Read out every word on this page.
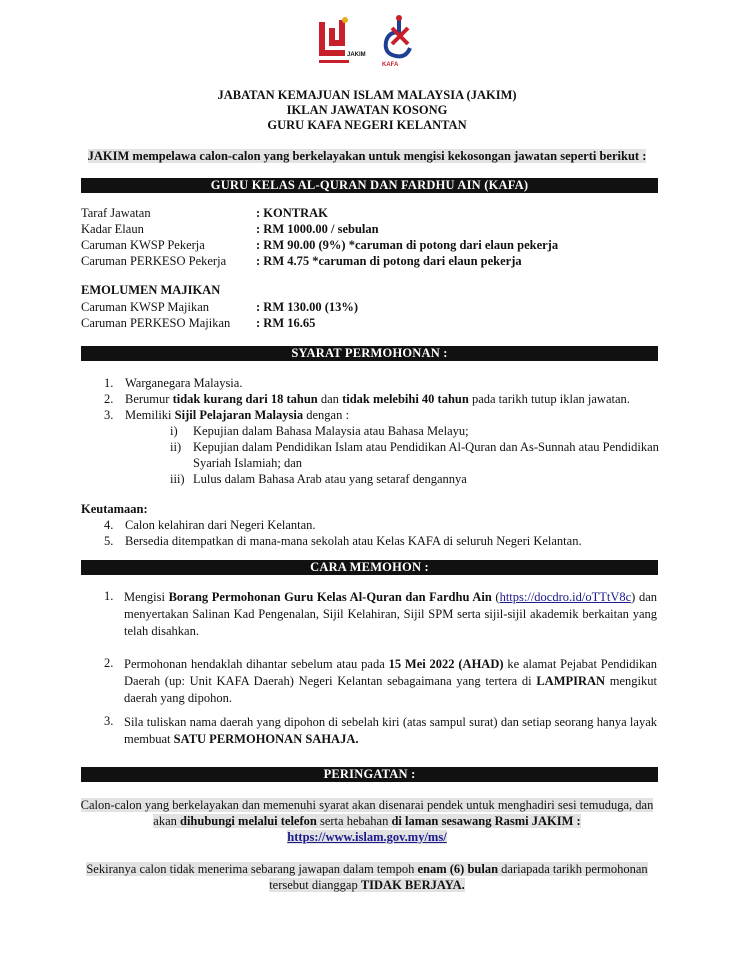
JAKIM
KAFA
JABATAN KEMAJUAN ISLAM MALAYSIA (JAKIM)
IKLAN JAWATAN KOSONG
GURU KAFA NEGERI KELANTAN
JAKIM mempelawa calon-calon yang berkelayakan untuk mengisi kekosongan jawatan seperti berikut :
GURU KELAS AL-QURAN DAN FARDHU AIN (KAFA)
Taraf Jawatan	: KONTRAK
Kadar Elaun	: RM 1000.00 / sebulan
Caruman KWSP Pekerja	: RM 90.00 (9%) *caruman di potong dari elaun pekerja
Caruman PERKESO Pekerja : RM 4.75 *caruman di potong dari elaun pekerja
EMOLUMEN MAJIKAN
Caruman KWSP Majikan	: RM 130.00 (13%)
Caruman PERKESO Majikan : RM 16.65
SYARAT PERMOHONAN :
1. Warganegara Malaysia.
2. Berumur tidak kurang dari 18 tahun dan tidak melebihi 40 tahun pada tarikh tutup iklan jawatan.
3. Memiliki Sijil Pelajaran Malaysia dengan :
i) Kepujian dalam Bahasa Malaysia atau Bahasa Melayu;
ii) Kepujian dalam Pendidikan Islam atau Pendidikan Al-Quran dan As-Sunnah atau Pendidikan
Syariah Islamiah; dan
iii) Lulus dalam Bahasa Arab atau yang setaraf dengannya
Keutamaan:
4. Calon kelahiran dari Negeri Kelantan.
5. Bersedia ditempatkan di mana-mana sekolah atau Kelas KAFA di seluruh Negeri Kelantan.
CARA MEMOHON :
1. Mengisi Borang Permohonan Guru Kelas Al-Quran dan Fardhu Ain (https://docdro.id/oTTtV8c) dan menyertakan Salinan Kad Pengenalan, Sijil Kelahiran, Sijil SPM serta sijil-sijil akademik berkaitan yang telah disahkan.
2. Permohonan hendaklah dihantar sebelum atau pada 15 Mei 2022 (AHAD) ke alamat Pejabat Pendidikan Daerah (up: Unit KAFA Daerah) Negeri Kelantan sebagaimana yang tertera di LAMPIRAN mengikut daerah yang dipohon.
3. Sila tuliskan nama daerah yang dipohon di sebelah kiri (atas sampul surat) dan setiap seorang hanya layak membuat SATU PERMOHONAN SAHAJA.
PERINGATAN :
Calon-calon yang berkelayakan dan memenuhi syarat akan disenarai pendek untuk menghadiri sesi temuduga, dan
akan dihubungi melalui telefon serta hebahan di laman sesawang Rasmi JAKIM :
https://www.islam.gov.my/ms/
Sekiranya calon tidak menerima sebarang jawapan dalam tempoh enam (6) bulan dariapada tarikh permohonan
tersebut dianggap TIDAK BERJAYA.
